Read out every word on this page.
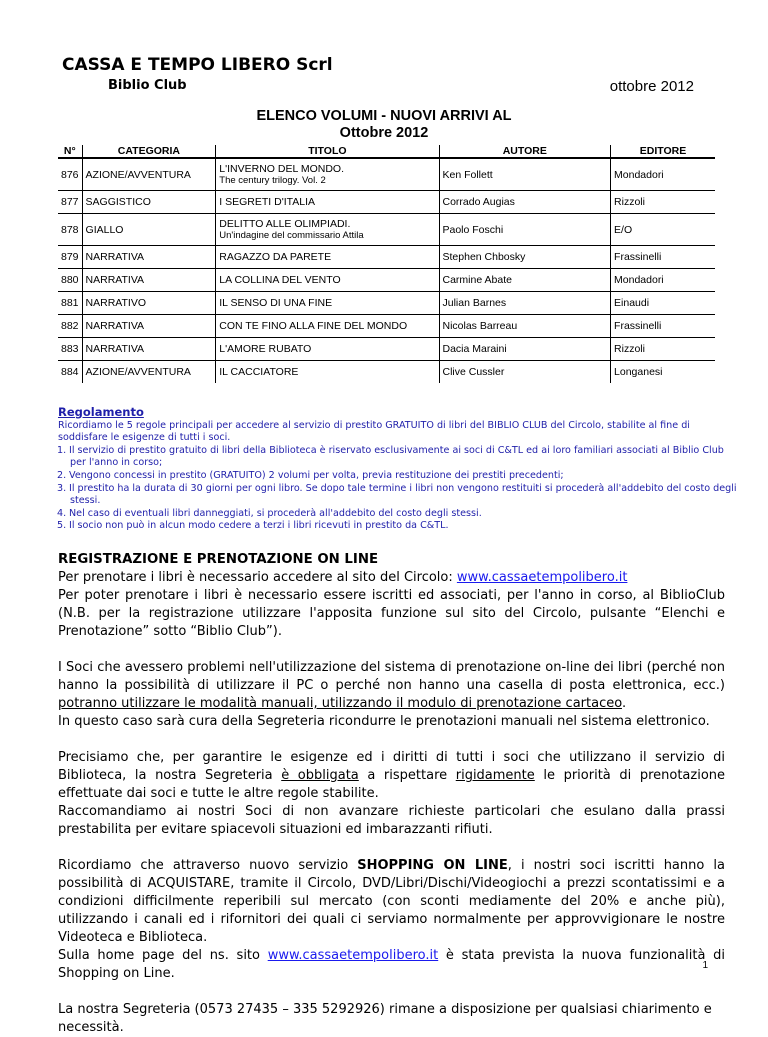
CASSA E TEMPO LIBERO Scrl
Biblio Club	ottobre 2012
ELENCO VOLUMI - NUOVI ARRIVI AL
Ottobre 2012
N°	CATEGORIA	TITOLO	AUTORE	EDITORE
876	AZIONE/AVVENTURA	L'INVERNO DEL MONDO.
The century trilogy. Vol. 2	Ken Follett	Mondadori
877	SAGGISTICO	I SEGRETI D'ITALIA	Corrado Augias	Rizzoli
878	GIALLO	DELITTO ALLE OLIMPIADI.
Un'indagine del commissario Attila	Paolo Foschi	E/O
879	NARRATIVA	RAGAZZO DA PARETE	Stephen Chbosky	Frassinelli
880	NARRATIVA	LA COLLINA DEL VENTO	Carmine Abate	Mondadori
881	NARRATIVO	IL SENSO DI UNA FINE	Julian Barnes	Einaudi
882	NARRATIVA	CON TE FINO ALLA FINE DEL MONDO	Nicolas Barreau	Frassinelli
883	NARRATIVA	L'AMORE RUBATO	Dacia Maraini	Rizzoli
884	AZIONE/AVVENTURA	IL CACCIATORE	Clive Cussler	Longanesi
Regolamento
Ricordiamo le 5 regole principali per accedere al servizio di prestito GRATUITO di libri del BIBLIO CLUB del Circolo, stabilite al fine di soddisfare le esigenze di tutti i soci.
1. Il servizio di prestito gratuito di libri della Biblioteca è riservato esclusivamente ai soci di C&TL ed ai loro familiari associati al Biblio Club per l'anno in corso;
2. Vengono concessi in prestito (GRATUITO) 2 volumi per volta, previa restituzione dei prestiti precedenti;
3. Il prestito ha la durata di 30 giorni per ogni libro. Se dopo tale termine i libri non vengono restituiti si procederà all'addebito del costo degli stessi.
4. Nel caso di eventuali libri danneggiati, si procederà all'addebito del costo degli stessi.
5. Il socio non può in alcun modo cedere a terzi i libri ricevuti in prestito da C&TL.

REGISTRAZIONE E PRENOTAZIONE ON LINE

Per prenotare i libri è necessario accedere al sito del Circolo: www.cassaetempolibero.it

Per poter prenotare i libri è necessario essere iscritti ed associati, per l'anno in corso, al BiblioClub (N.B. per la registrazione utilizzare l'apposita funzione sul sito del Circolo, pulsante “Elenchi e Prenotazione” sotto “Biblio Club”).

I Soci che avessero problemi nell'utilizzazione del sistema di prenotazione on-line dei libri (perché non hanno la possibilità di utilizzare il PC o perché non hanno una casella di posta elettronica, ecc.) potranno utilizzare le modalità manuali, utilizzando il modulo di prenotazione cartaceo.

In questo caso sarà cura della Segreteria ricondurre le prenotazioni manuali nel sistema elettronico.

Precisiamo che, per garantire le esigenze ed i diritti di tutti i soci che utilizzano il servizio di Biblioteca, la nostra Segreteria è obbligata a rispettare rigidamente le priorità di prenotazione effettuate dai soci e tutte le altre regole stabilite.

Raccomandiamo ai nostri Soci di non avanzare richieste particolari che esulano dalla prassi prestabilita per evitare spiacevoli situazioni ed imbarazzanti rifiuti.

Ricordiamo che attraverso nuovo servizio SHOPPING ON LINE, i nostri soci iscritti hanno la possibilità di ACQUISTARE, tramite il Circolo, DVD/Libri/Dischi/Videogiochi a prezzi scontatissimi e a condizioni difficilmente reperibili sul mercato (con sconti mediamente del 20% e anche più), utilizzando i canali ed i rifornitori dei quali ci serviamo normalmente per approvvigionare le nostre Videoteca e Biblioteca.

Sulla home page del ns. sito www.cassaetempolibero.it è stata prevista la nuova funzionalità di Shopping on Line.

La nostra Segreteria (0573 27435 – 335 5292926) rimane a disposizione per qualsiasi chiarimento e necessità.

1
